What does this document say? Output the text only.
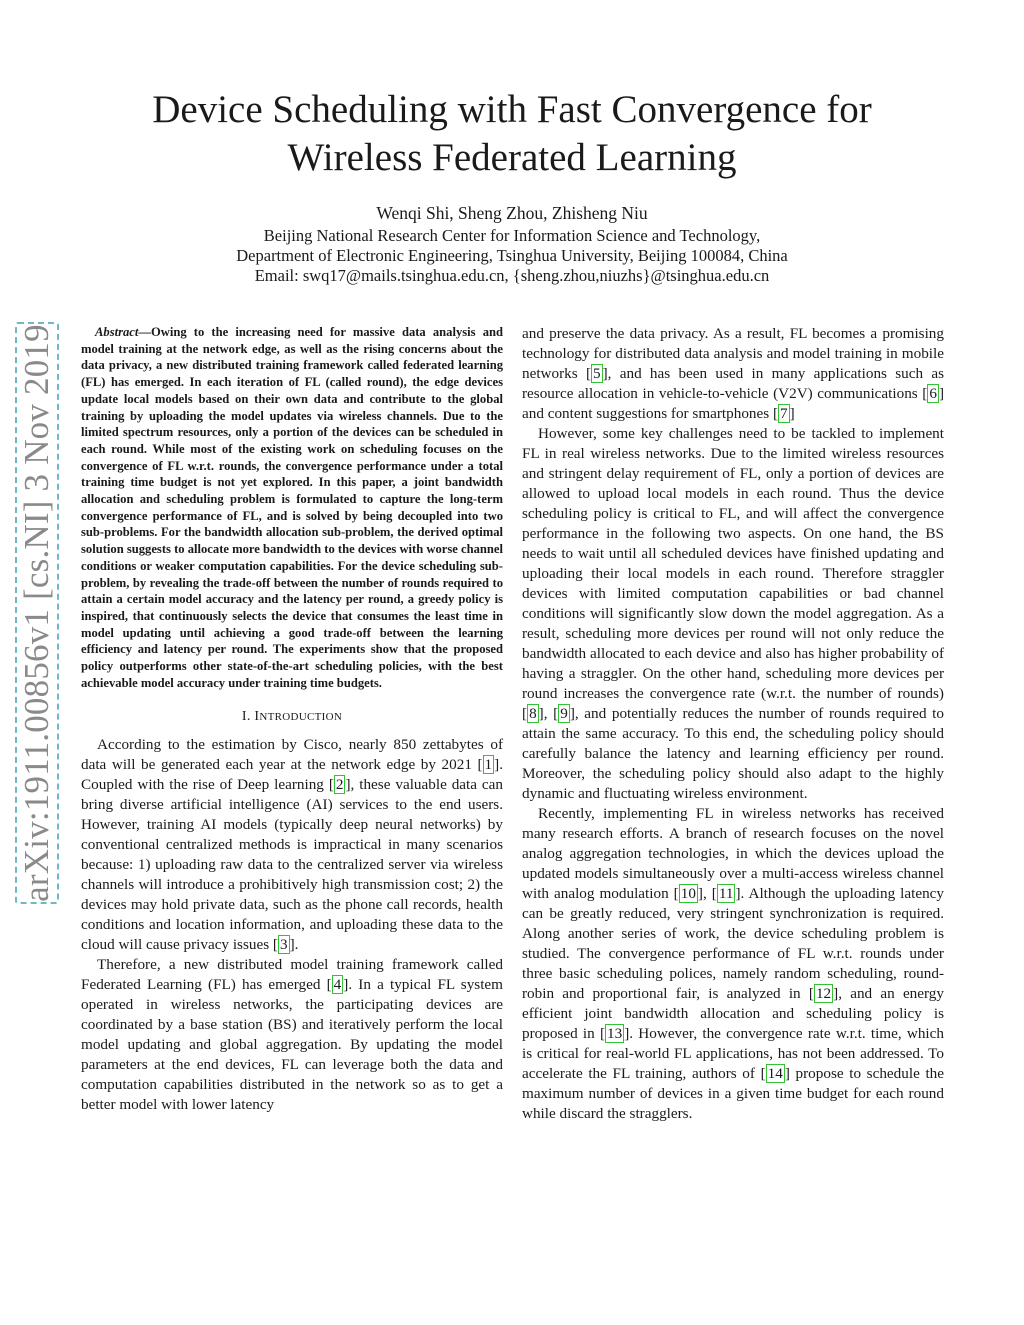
Device Scheduling with Fast Convergence for
Wireless Federated Learning
Wenqi Shi, Sheng Zhou, Zhisheng Niu
Beijing National Research Center for Information Science and Technology,
Department of Electronic Engineering, Tsinghua University, Beijing 100084, China
Email: swq17@mails.tsinghua.edu.cn, {sheng.zhou,niuzhs}@tsinghua.edu.cn
arXiv:1911.00856v1 [cs.NI] 3 Nov 2019	Abstract—Owing to the increasing need for massive data analysis and model training at the network edge, as well as the rising concerns about the data privacy, a new distributed training framework called federated learning (FL) has emerged. In each iteration of FL (called round), the edge devices update local models based on their own data and contribute to the global training by uploading the model updates via wireless channels. Due to the limited spectrum resources, only a portion of the devices can be scheduled in each round. While most of the existing work on scheduling focuses on the convergence of FL w.r.t. rounds, the convergence performance under a total training time budget is not yet explored. In this paper, a joint bandwidth allocation and scheduling problem is formulated to capture the long-term convergence performance of FL, and is solved by being decoupled into two sub-problems. For the bandwidth allocation sub-problem, the derived optimal solution suggests to allocate more bandwidth to the devices with worse channel conditions or weaker computation capabilities. For the device scheduling sub-problem, by revealing the trade-off between the number of rounds required to attain a certain model accuracy and the latency per round, a greedy policy is inspired, that continuously selects the device that consumes the least time in model updating until achieving a good trade-off between the learning efficiency and latency per round. The experiments show that the proposed policy outperforms other state-of-the-art scheduling policies, with the best achievable model accuracy under training time budgets.

I. INTRODUCTION

According to the estimation by Cisco, nearly 850 zettabytes of data will be generated each year at the network edge by 2021 [ 1 ]. Coupled with the rise of Deep learning [ 2 ], these valuable data can bring diverse artificial intelligence (AI) services to the end users. However, training AI models (typically deep neural networks) by conventional centralized methods is impractical in many scenarios because: 1) uploading raw data to the centralized server via wireless channels will introduce a prohibitively high transmission cost; 2) the devices may hold private data, such as the phone call records, health conditions and location information, and uploading these data to the cloud will cause privacy issues [ 3 ].

Therefore, a new distributed model training framework called Federated Learning (FL) has emerged [ 4 ]. In a typical FL system operated in wireless networks, the participating devices are coordinated by a base station (BS) and iteratively perform the local model updating and global aggregation. By updating the model parameters at the end devices, FL can leverage both the data and computation capabilities distributed in the network so as to get a better model with lower latency

and preserve the data privacy. As a result, FL becomes a promising technology for distributed data analysis and model training in mobile networks [ 5 ], and has been used in many applications such as resource allocation in vehicle-to-vehicle (V2V) communications [ 6 ] and content suggestions for smartphones [ 7 ]

However, some key challenges need to be tackled to implement FL in real wireless networks. Due to the limited wireless resources and stringent delay requirement of FL, only a portion of devices are allowed to upload local models in each round. Thus the device scheduling policy is critical to FL, and will affect the convergence performance in the following two aspects. On one hand, the BS needs to wait until all scheduled devices have finished updating and uploading their local models in each round. Therefore straggler devices with limited computation capabilities or bad channel conditions will significantly slow down the model aggregation. As a result, scheduling more devices per round will not only reduce the bandwidth allocated to each device and also has higher probability of having a straggler. On the other hand, scheduling more devices per round increases the convergence rate (w.r.t. the number of rounds) [ 8 ], [ 9 ], and potentially reduces the number of rounds required to attain the same accuracy. To this end, the scheduling policy should carefully balance the latency and learning efficiency per round. Moreover, the scheduling policy should also adapt to the highly dynamic and fluctuating wireless environment.

Recently, implementing FL in wireless networks has received many research efforts. A branch of research focuses on the novel analog aggregation technologies, in which the devices upload the updated models simultaneously over a multi-access wireless channel with analog modulation [ 10 ], [ 11 ]. Although the uploading latency can be greatly reduced, very stringent synchronization is required. Along another series of work, the device scheduling problem is studied. The convergence performance of FL w.r.t. rounds under three basic scheduling polices, namely random scheduling, round-robin and proportional fair, is analyzed in [ 12 ], and an energy efficient joint bandwidth allocation and scheduling policy is proposed in [ 13 ]. However, the convergence rate w.r.t. time, which is critical for real-world FL applications, has not been addressed. To accelerate the FL training, authors of [ 14 ] propose to schedule the maximum number of devices in a given time budget for each round while discard the stragglers.
